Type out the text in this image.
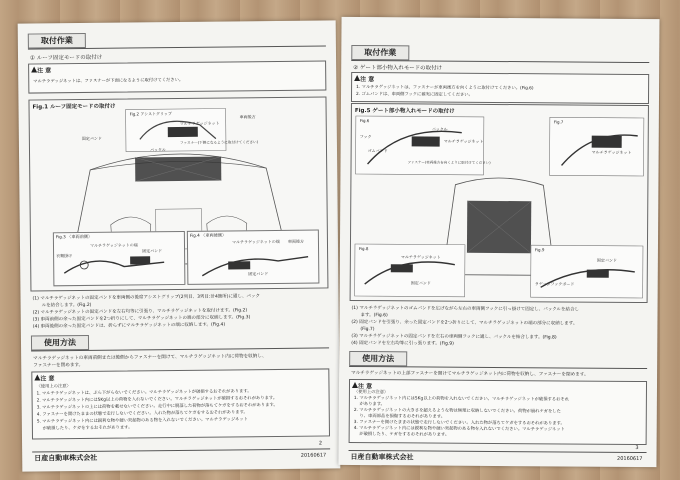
取付作業
① ルーフ固定モードの取付け
注 意
マルチラゲッジネットは、ファスナーが下面になるように取付けてください。
Fig.1 ルーフ固定モードの取付け
Fig.2 アシストグリップ
車両後方
マルチラゲッジネット
固定バンド
バックル
ファスナー(下側になるように取付けてください)
Fig.3 〈車両前側〉
衣類掛け
マルチラゲッジネットの端
固定バンド
Fig.4 〈車両後側〉
マルチラゲッジネットの端 車両後方
固定バンド
(1) マルチラゲッジネットの固定バンドを車両側の後席アシストグリップ(2列目、3列目:計4箇所)に通し、バック
　　ルを結合します。(Fig.2)
(2) マルチラゲッジネットの固定バンドを左右均等に引張り、マルチラゲッジネットを取付けます。(Fig.2)
(3) 車両前側の余った固定バンドを2つ折りにして、マルチラゲッジネットの端の部分に収納します。(Fig.3)
(4) 車両後側の余った固定バンドは、折らずにマルチラゲッジネットの端に収納します。(Fig.4)
使用方法
マルチラゲッジネットの車両前側または後側からファスナーを開けて、マルチラゲッジネット内に荷物を収納し、
ファスナーを閉めます。
注 意
〈使用上の注意〉
1. マルチラゲッジネットは、ぶら下がらないでください。マルチラゲッジネットが破損するおそれがあります。
2. マルチラゲッジネット内には5Kg以上の荷物を入れないでください。マルチラゲッジネットが破損するおそれがあります。
3. マルチラゲッジネットの上には荷物を載せないでください。走行中に脱落した荷物が落ちてケガをするおそれがあります。
4. ファスナーを開けたままの状態で走行しないでください。入れた物が落ちてケガをするおそれがあります。
5. マルチラゲッジネット内には鋭利な物や硬い突起物のある物を入れないでください。マルチラゲッジネット
　 が破損したり、ケガをするおそれがあります。
2
日産自動車株式会社	20160617
取付作業
② ゲート部小物入れモードの取付け
注 意
1. マルチラゲッジネットは、ファスナーが車両後方を向くように取付けてください。(Fig.6)
2. ゴムバンドは、車両側フックに確実に固定してください。
Fig.5 ゲート部小物入れモードの取付け
Fig.6
フック
バックル
ゴムバンド
マルチラゲッジネット
ファスナー(車両後方を向くように取付けてください)
Fig.7
マルチラゲッジネット
Fig.8
マルチラゲッジネット
固定バンド
Fig.9
ラゲッジフックボード
固定バンド
(1) マルチラゲッジネットのゴムバンドを広げながら左右の車両側フックに引っ掛けて固定し、バックルを結合し
　　ます。(Fig.6)
(2) 固定バンドを引張り、余った固定バンドを2つ折りにして、マルチラゲッジネットの端の部分に収納します。
　　(Fig.7)
(3) マルチラゲッジネットの固定バンドを左右の車両側フックに通し、バックルを結合します。(Fig.8)
(4) 固定バンドを左右均等に引っ張ります。(Fig.9)
使用方法
マルチラゲッジネットの上部ファスナーを開けてマルチラゲッジネット内に荷物を収納し、ファスナーを閉めます。
注 意
〈使用上の注意〉
1. マルチラゲッジネット内には5Kg以上の荷物を入れないでください。マルチラゲッジネットが破損するおそれ
　 があります。
2. マルチラゲッジネットの大きさを超えるような物は無理に収納しないでください。荷物が崩れケガをした
　 り、車両部品を損傷するおそれがあります。
3. ファスナーを開けたままの状態で走行しないでください。入れた物が落ちてケガをするおそれがあります。
4. マルチラゲッジネット内には鋭利な物や硬い突起物のある物を入れないでください。マルチラゲッジネット
　 が破損したり、ケガをするおそれがあります。
3
日産自動車株式会社	20160617
